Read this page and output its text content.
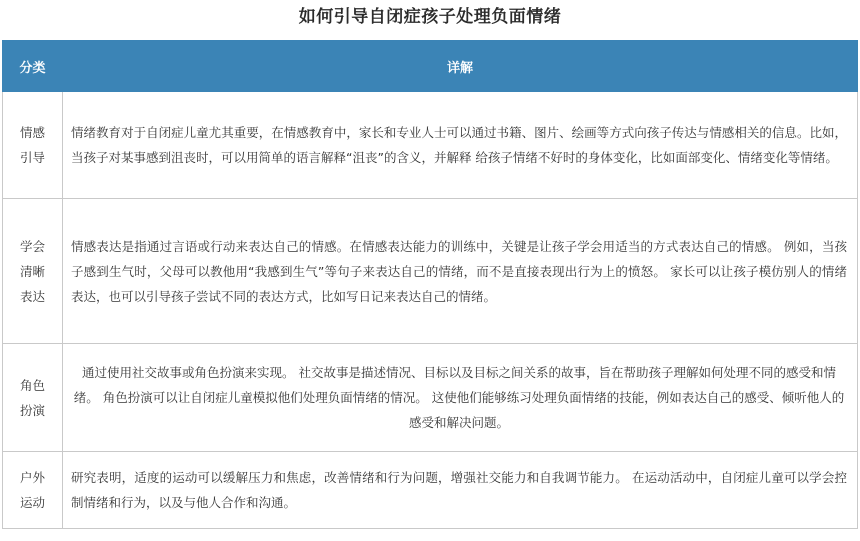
如何引导自闭症孩子处理负面情绪
分类	详解

情感
引导	情绪教育对于自闭症儿童尤其重要，在情感教育中，家长和专业人士可以通过书籍、图片、绘画等方式向孩子传达与情感相关的信息。比如，当孩子对某事感到沮丧时，可以用简单的语言解释“沮丧”的含义，并解释 给孩子情绪不好时的身体变化，比如面部变化、情绪变化等情绪。

学会
清晰
表达	情感表达是指通过言语或行动来表达自己的情感。在情感表达能力的训练中，关键是让孩子学会用适当的方式表达自己的情感。 例如，当孩子感到生气时，父母可以教他用“我感到生气”等句子来表达自己的情绪，而不是直接表现出行为上的愤怒。 家长可以让孩子模仿别人的情绪表达，也可以引导孩子尝试不同的表达方式，比如写日记来表达自己的情绪。

角色
扮演	通过使用社交故事或角色扮演来实现。 社交故事是描述情况、目标以及目标之间关系的故事，旨在帮助孩子理解如何处理不同的感受和情绪。 角色扮演可以让自闭症儿童模拟他们处理负面情绪的情况。 这使他们能够练习处理负面情绪的技能，例如表达自己的感受、倾听他人的感受和解决问题。

户外
运动	研究表明，适度的运动可以缓解压力和焦虑，改善情绪和行为问题，增强社交能力和自我调节能力。 在运动活动中，自闭症儿童可以学会控制情绪和行为，以及与他人合作和沟通。
